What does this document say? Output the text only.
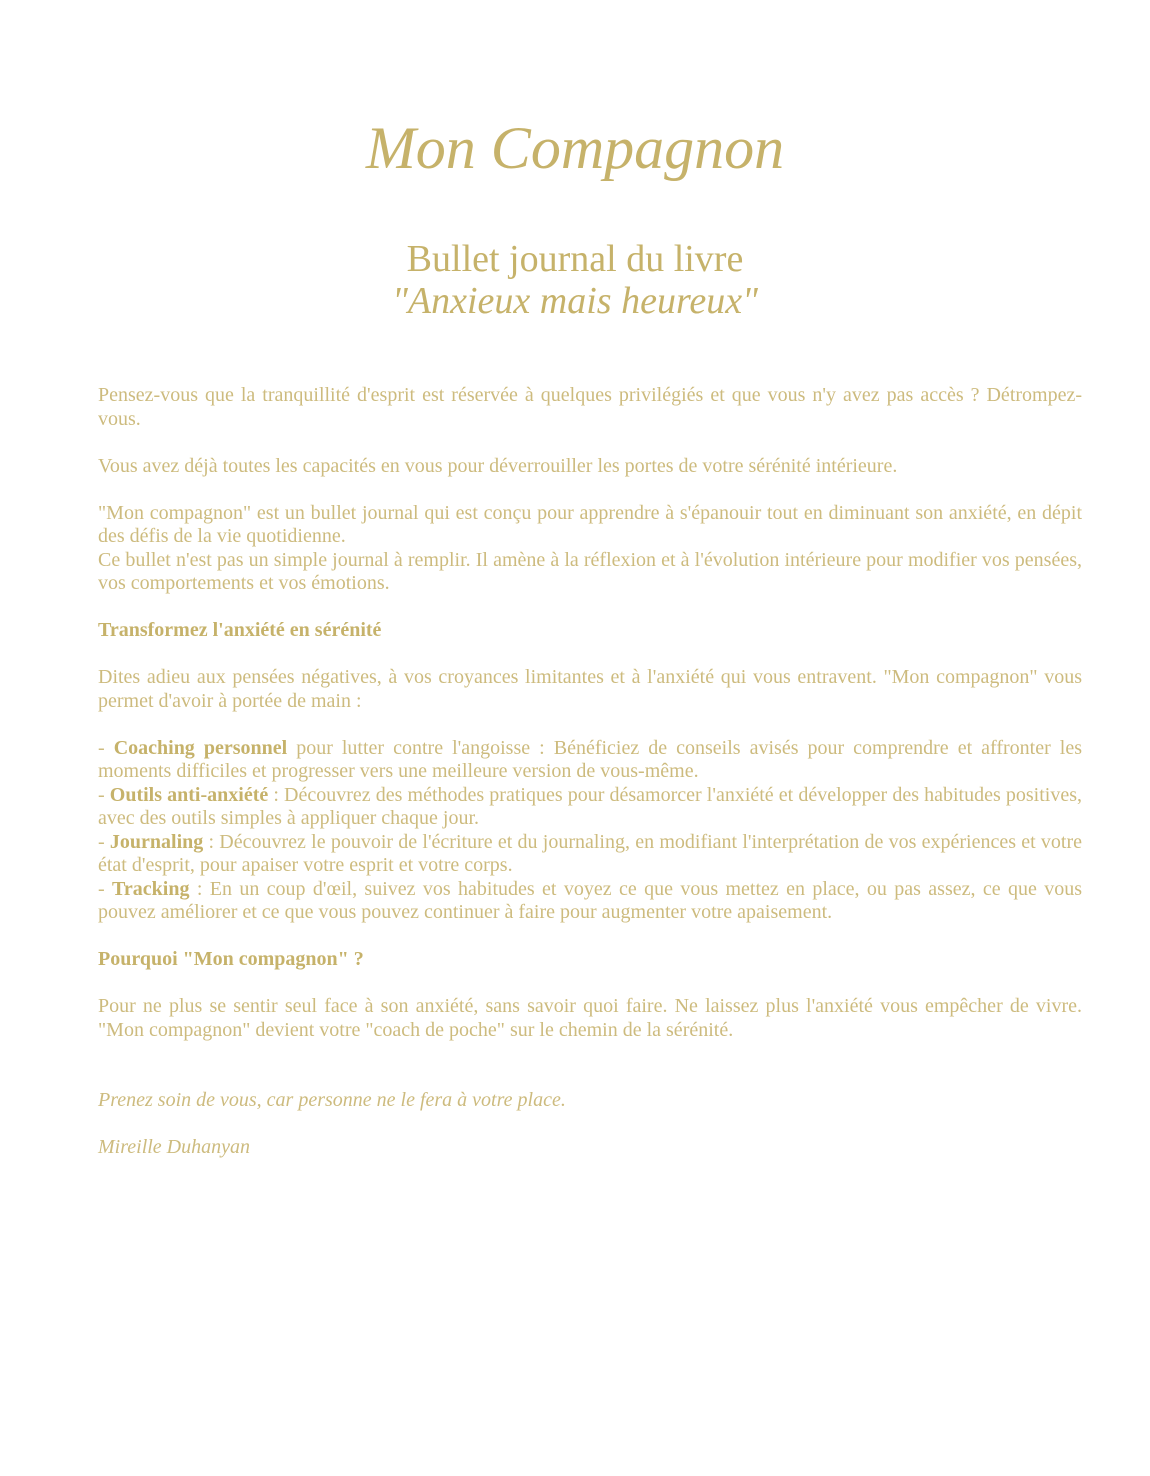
Mon Compagnon
Bullet journal du livre
"Anxieux mais heureux"

Pensez-vous que la tranquillité d'esprit est réservée à quelques privilégiés et que vous n'y avez pas accès ? Détrompez-vous.

Vous avez déjà toutes les capacités en vous pour déverrouiller les portes de votre sérénité intérieure.

"Mon compagnon" est un bullet journal qui est conçu pour apprendre à s'épanouir tout en diminuant son anxiété, en dépit des défis de la vie quotidienne.

Ce bullet n'est pas un simple journal à remplir. Il amène à la réflexion et à l'évolution intérieure pour modifier vos pensées, vos comportements et vos émotions.

Transformez l'anxiété en sérénité

Dites adieu aux pensées négatives, à vos croyances limitantes et à l'anxiété qui vous entravent. "Mon compagnon" vous permet d'avoir à portée de main :

- Coaching personnel pour lutter contre l'angoisse : Bénéficiez de conseils avisés pour comprendre et affronter les moments difficiles et progresser vers une meilleure version de vous-même.
- Outils anti-anxiété : Découvrez des méthodes pratiques pour désamorcer l'anxiété et développer des habitudes positives, avec des outils simples à appliquer chaque jour.
- Journaling : Découvrez le pouvoir de l'écriture et du journaling, en modifiant l'interprétation de vos expériences et votre état d'esprit, pour apaiser votre esprit et votre corps.
- Tracking : En un coup d'œil, suivez vos habitudes et voyez ce que vous mettez en place, ou pas assez, ce que vous pouvez améliorer et ce que vous pouvez continuer à faire pour augmenter votre apaisement.

Pourquoi "Mon compagnon" ?

Pour ne plus se sentir seul face à son anxiété, sans savoir quoi faire. Ne laissez plus l'anxiété vous empêcher de vivre. "Mon compagnon" devient votre "coach de poche" sur le chemin de la sérénité.

Prenez soin de vous, car personne ne le fera à votre place.

Mireille Duhanyan
